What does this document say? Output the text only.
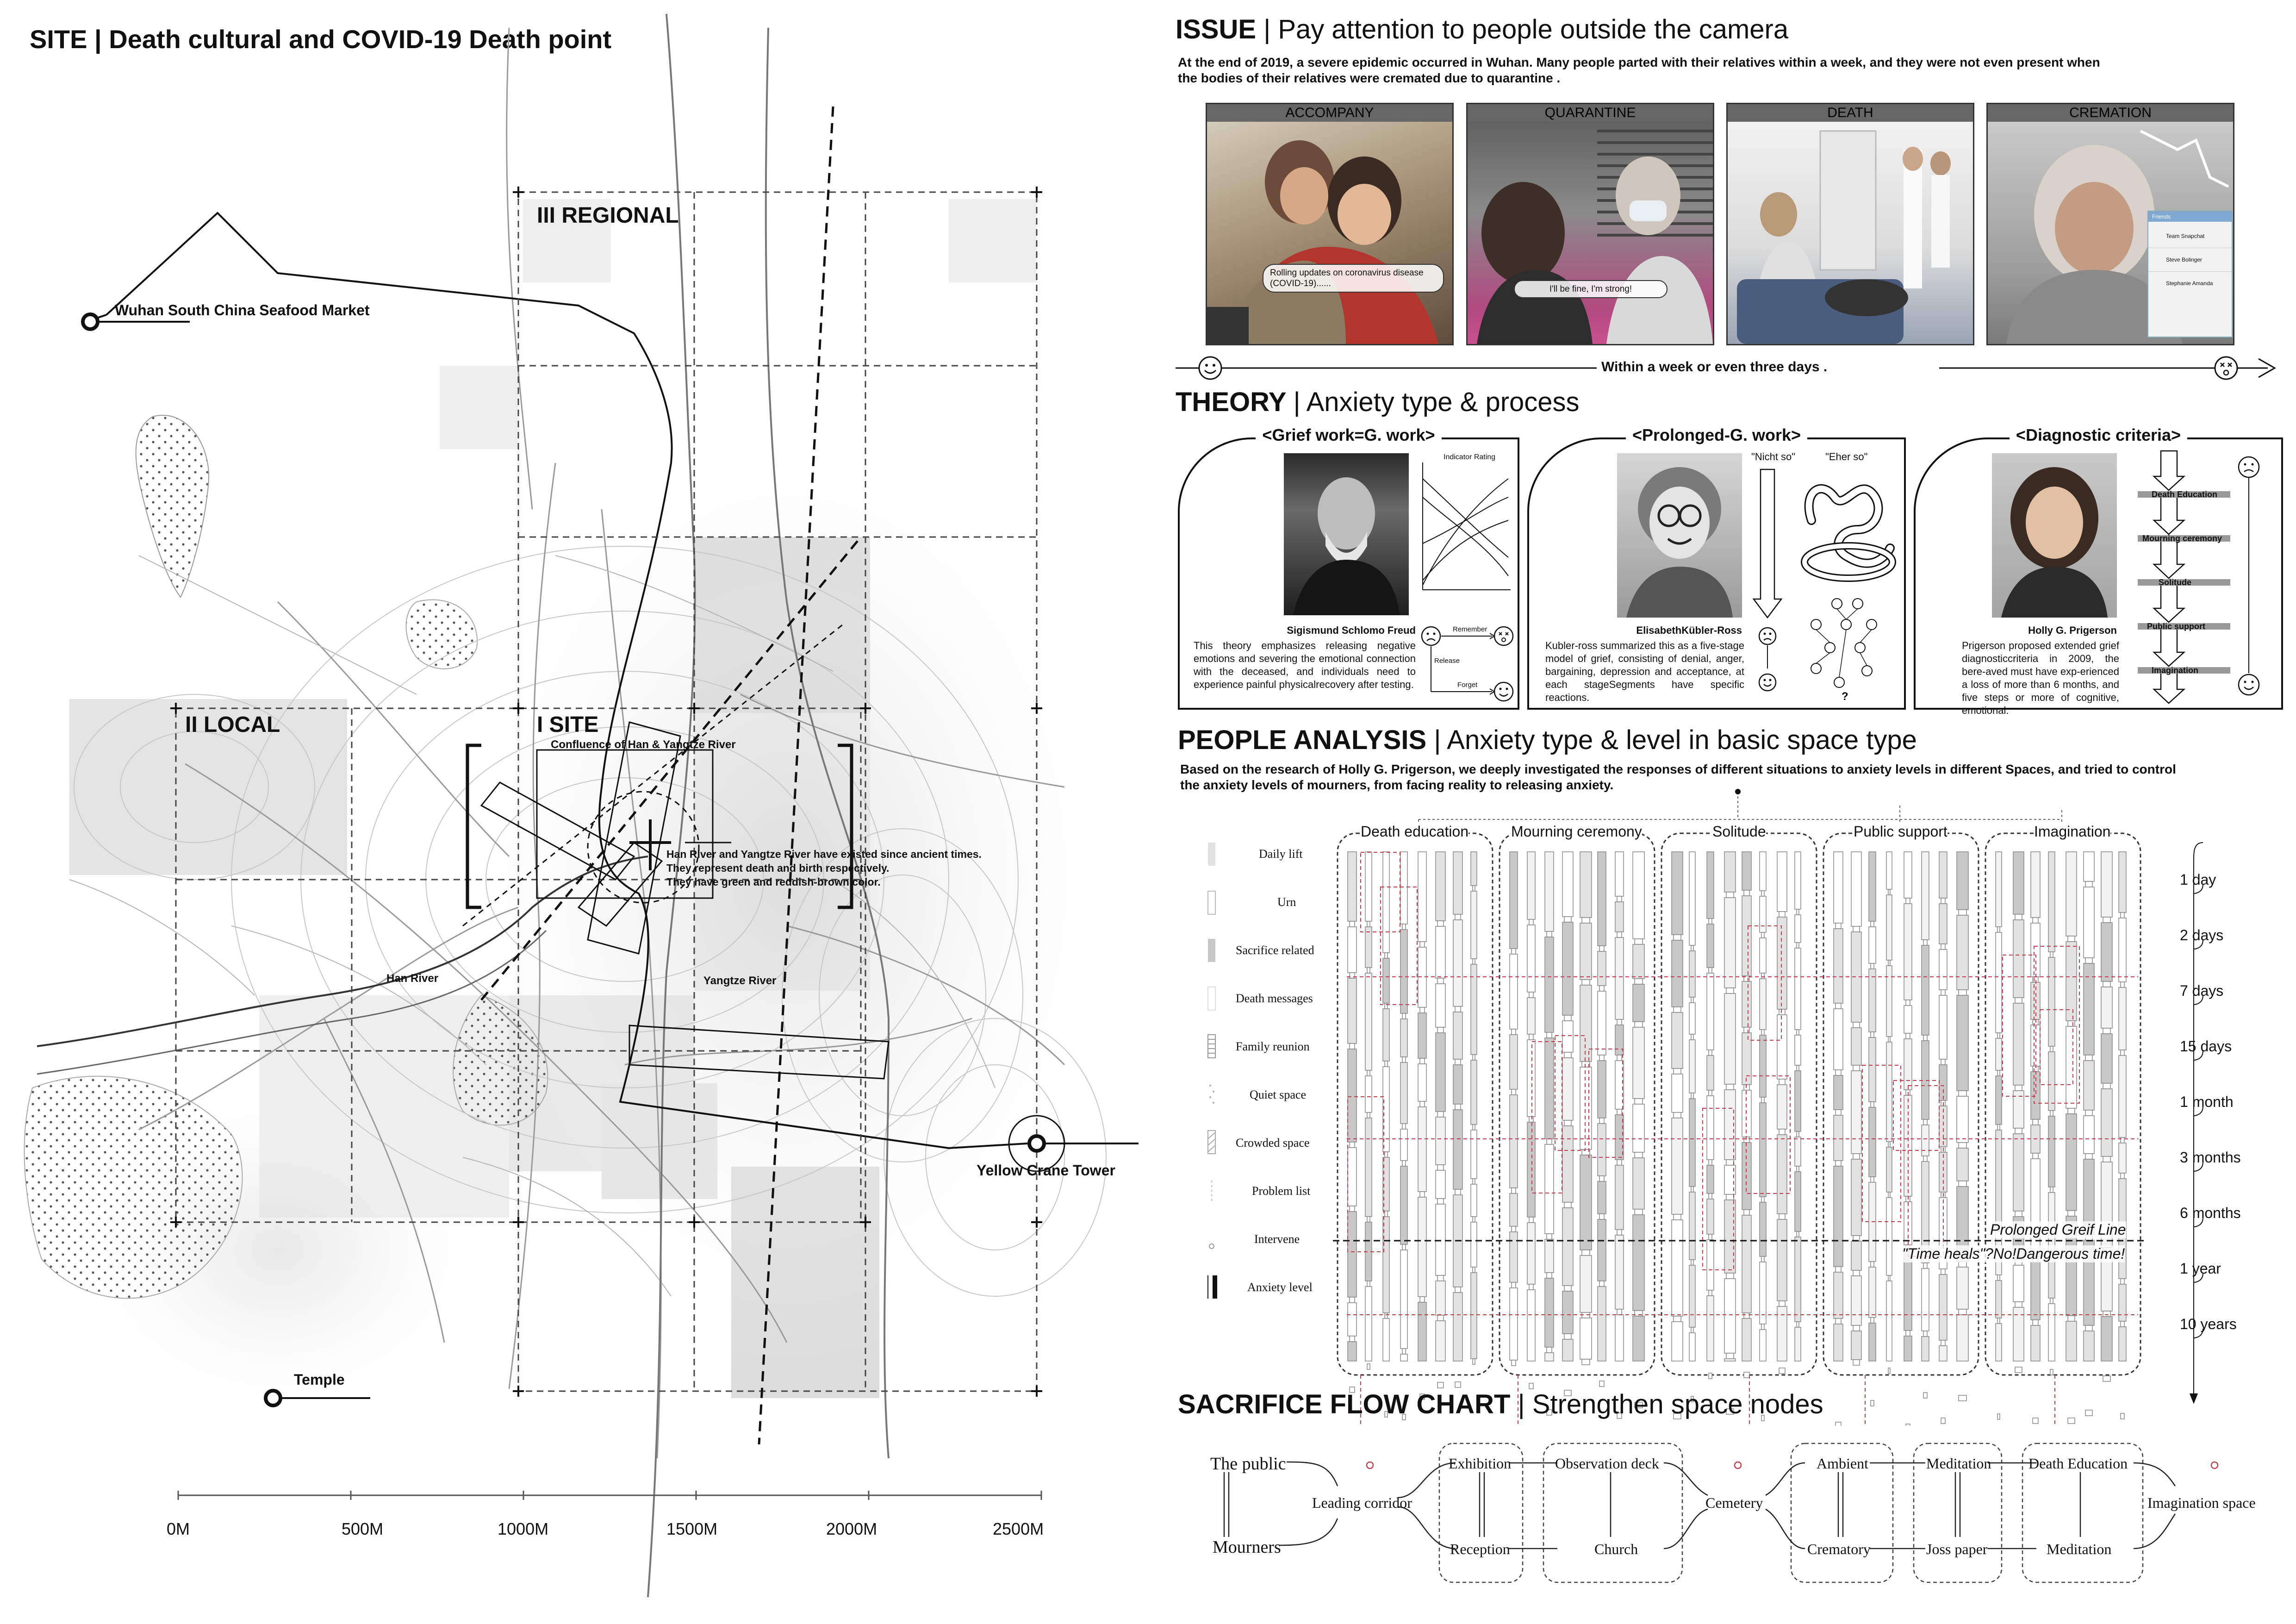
SITE | Death cultural and COVID-19 Death point
III REGIONAL
II LOCAL	I SITE
Confluence of Han & Yangtze River
Han River	Yangtze River
Wuhan South China Seafood Market
Yellow Crane Tower
Temple
Han River and Yangtze River have existed since ancient times.
They represent death and birth respectively.
They have green and reddish-brown color.
0M	500M	1000M	1500M	2000M	2500M
ISSUE | Pay attention to people outside the camera
At the end of 2019, a severe epidemic occurred in Wuhan. Many people parted with their relatives within a week, and they were not even present when
the bodies of their relatives were cremated due to quarantine .
ACCOMPANY
Rolling updates on coronavirus disease (COVID-19)......
QUARANTINE
I'll be fine, I'm strong!
DEATH	CREMATION
Friends
Team Snapchat
Steve Bolinger
Stephanie Amanda
Within a week or even three days .
THEORY | Anxiety type & process
<Grief work=G. work>
Indicator Rating
Sigismund Schlomo Freud
This theory emphasizes releasing negative emotions and severing the emotional connection with the deceased, and individuals need to experience painful physicalrecovery after testing.
Remember
Release
Forget
<Prolonged-G. work>
"Nicht so"	"Eher so"
?
ElisabethKübler-Ross
Kubler-ross summarized this as a five-stage model of grief, consisting of denial, anger, bargaining, depression and acceptance, at each stageSegments have specific reactions.
<Diagnostic criteria>
Holly G. Prigerson
Prigerson proposed extended grief diagnosticcriteria in 2009, the bere-aved must have exp-erienced a loss of more than 6 months, and five steps or more of cognitive, emotional.
Death Education
Mourning ceremony
Solitude
Public support
Imagination
PEOPLE ANALYSIS | Anxiety type & level in basic space type
Based on the research of Holly G. Prigerson, we deeply investigated the responses of different situations to anxiety levels in different Spaces, and tried to control
the anxiety levels of mourners, from facing reality to releasing anxiety.
Daily lift
Urn
Sacrifice related
Death messages
Family reunion
Quiet space
Crowded space
Problem list
Intervene
Anxiety level
Death education	Mourning ceremony	Solitude	Public support	Imagination
1 day
2 days
7 days
15 days
1 month
3 months
6 months
1 year
10 years
Prolonged Greif Line
"Time heals"?No!Dangerous time!
SACRIFICE FLOW CHART | Strengthen space nodes
The public
Mourners
Leading corridor
Exhibition
Reception
Observation deck
Church
Cemetery
Ambient
Crematory
Meditation
Joss paper
Death Education
Meditation
Imagination space
